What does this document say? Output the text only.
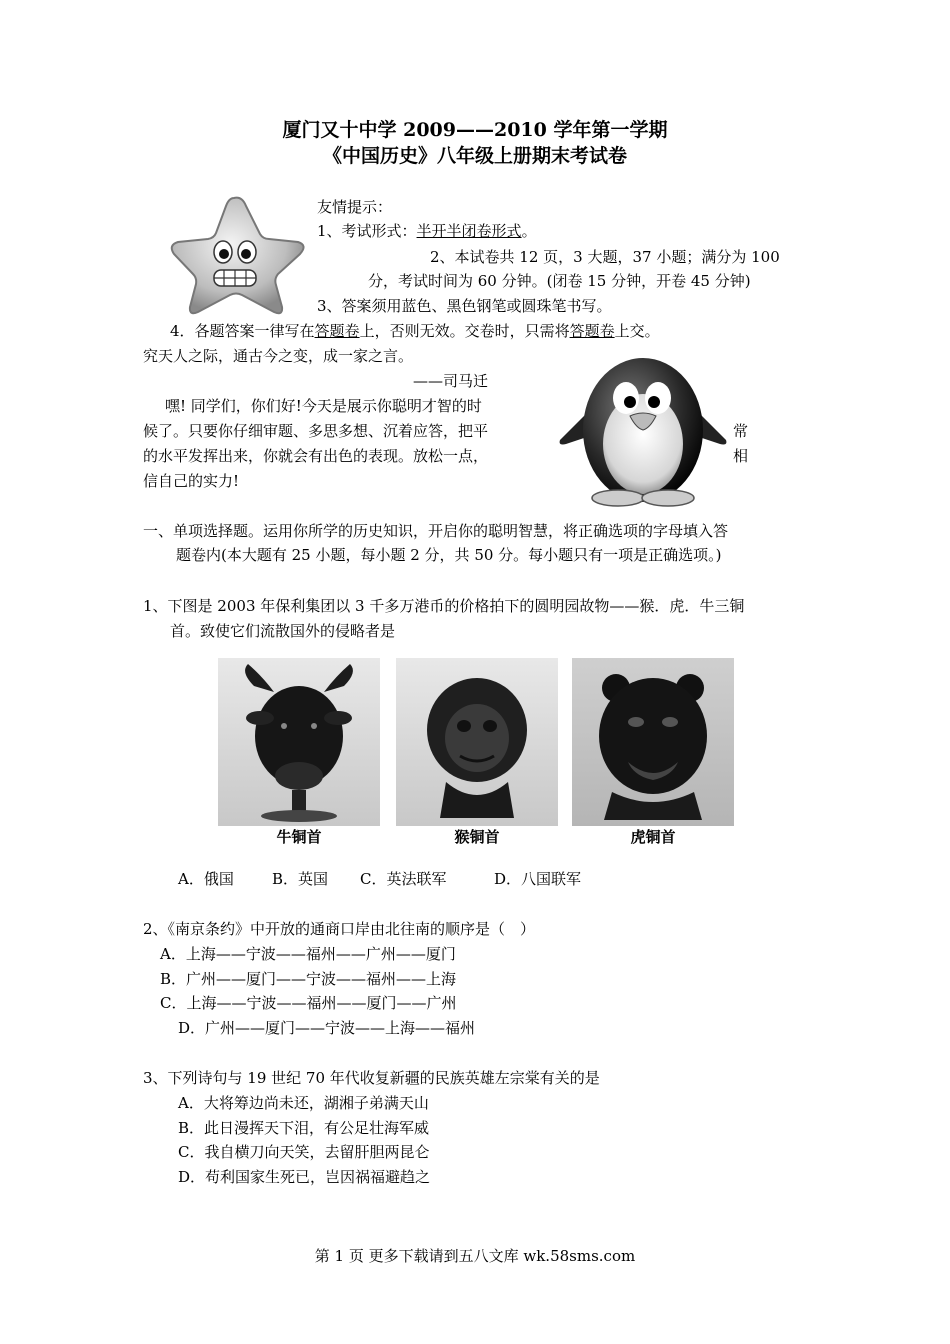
厦门又十中学 2009——2010 学年第一学期
《中国历史》八年级上册期末考试卷
友情提示：
1、考试形式：半开半闭卷形式。
2、本试卷共 12 页，3 大题，37 小题；满分为 100
分，考试时间为 60 分钟。(闭卷 15 分钟，开卷 45 分钟)
3、答案须用蓝色、黑色钢笔或圆珠笔书写。
4．各题答案一律写在答题卷上，否则无效。交卷时，只需将答题卷上交。
究天人之际，通古今之变，成一家之言。
——司马迁
嘿! 同学们，你们好!今天是展示你聪明才智的时
候了。只要你仔细审题、多思多想、沉着应答，把平	常
的水平发挥出来，你就会有出色的表现。放松一点，	相
信自己的实力!
一、单项选择题。运用你所学的历史知识，开启你的聪明智慧，将正确选项的字母填入答
题卷内(本大题有 25 小题，每小题 2 分，共 50 分。每小题只有一项是正确选项。)
1、下图是 2003 年保利集团以 3 千多万港币的价格拍下的圆明园故物——猴．虎．牛三铜
首。致使它们流散国外的侵略者是
牛铜首	猴铜首	虎铜首
A．俄国	B．英国 C．英法联军	D．八国联军
2、《南京条约》中开放的通商口岸由北往南的顺序是（　）
A．上海——宁波——福州——广州——厦门
B．广州——厦门——宁波——福州——上海
C．上海——宁波——福州——厦门——广州
D．广州——厦门——宁波——上海——福州
3、下列诗句与 19 世纪 70 年代收复新疆的民族英雄左宗棠有关的是
A．大将筹边尚未还，湖湘子弟满天山
B．此日漫挥天下泪，有公足壮海军威
C．我自横刀向天笑，去留肝胆两昆仑
D．苟利国家生死已，岂因祸福避趋之
第 1 页 更多下载请到五八文库 wk.58sms.com
